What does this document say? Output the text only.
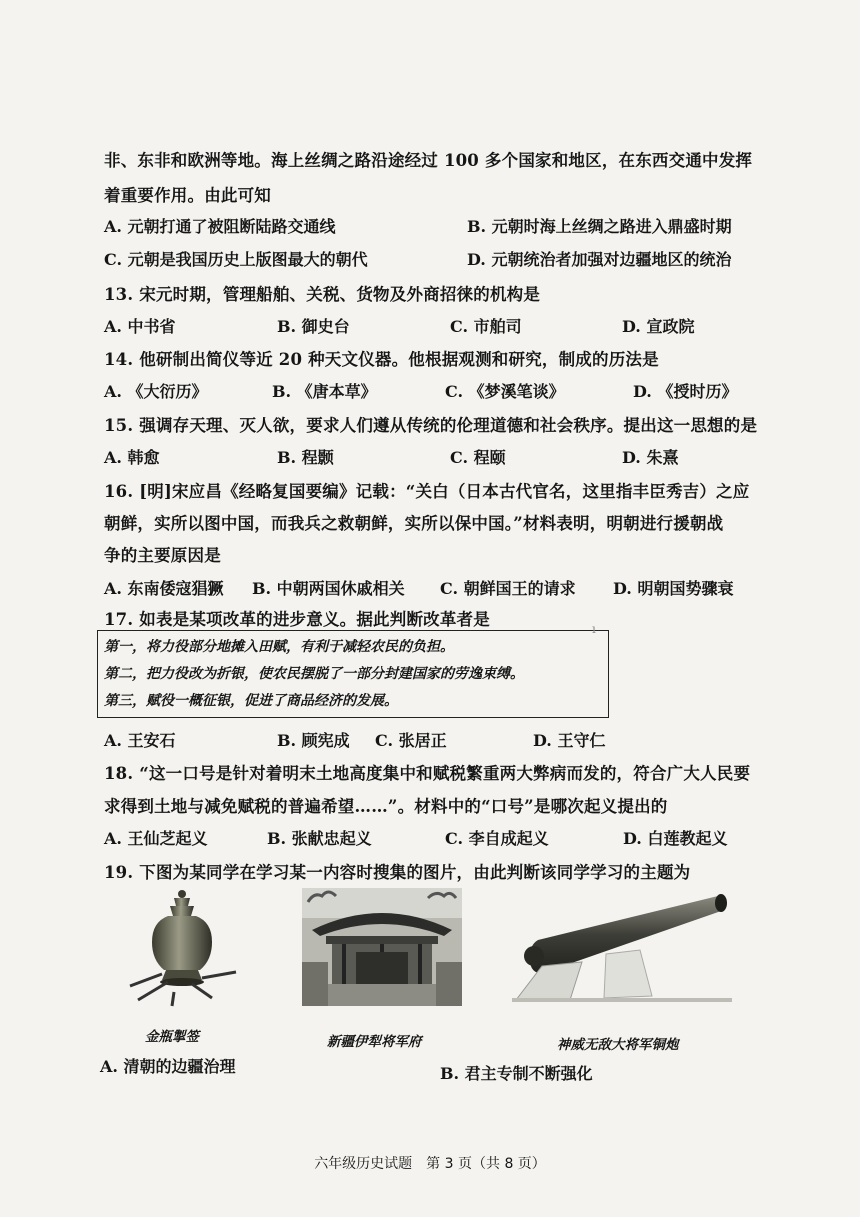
非、东非和欧洲等地。海上丝绸之路沿途经过 100 多个国家和地区，在东西交通中发挥
着重要作用。由此可知
A. 元朝打通了被阻断陆路交通线	B. 元朝时海上丝绸之路进入鼎盛时期
C. 元朝是我国历史上版图最大的朝代	D. 元朝统治者加强对边疆地区的统治
13. 宋元时期，管理船舶、关税、货物及外商招徕的机构是
A. 中书省	B. 御史台	C. 市舶司	D. 宣政院
14. 他研制出简仪等近 20 种天文仪器。他根据观测和研究，制成的历法是
A. 《大衍历》	B. 《唐本草》	C. 《梦溪笔谈》	D. 《授时历》
15. 强调存天理、灭人欲，要求人们遵从传统的伦理道德和社会秩序。提出这一思想的是
A. 韩愈	B. 程颢	C. 程颐	D. 朱熹
16. [明]宋应昌《经略复国要编》记载：“关白（日本古代官名，这里指丰臣秀吉）之应
朝鲜，实所以图中国，而我兵之救朝鲜，实所以保中国。”材料表明，明朝进行援朝战
争的主要原因是
A. 东南倭寇猖獗 B. 中朝两国休戚相关 C. 朝鲜国王的请求 D. 明朝国势骤衰
17. 如表是某项改革的进步意义。据此判断改革者是
第一，将力役部分地摊入田赋，有利于减轻农民的负担。
第二，把力役改为折银，使农民摆脱了一部分封建国家的劳逸束缚。
第三，赋役一概征银，促进了商品经济的发展。
ı
A. 王安石	B. 顾宪成 C. 张居正	D. 王守仁
18. “这一口号是针对着明末土地高度集中和赋税繁重两大弊病而发的，符合广大人民要
求得到土地与减免赋税的普遍希望……”。材料中的“口号”是哪次起义提出的
A. 王仙芝起义	B. 张献忠起义	C. 李自成起义	D. 白莲教起义
19. 下图为某同学在学习某一内容时搜集的图片，由此判断该同学学习的主题为
金瓶掣签	新疆伊犁将军府	神威无敌大将军铜炮
A. 清朝的边疆治理	B. 君主专制不断强化
六年级历史试题　第 3 页（共 8 页）
